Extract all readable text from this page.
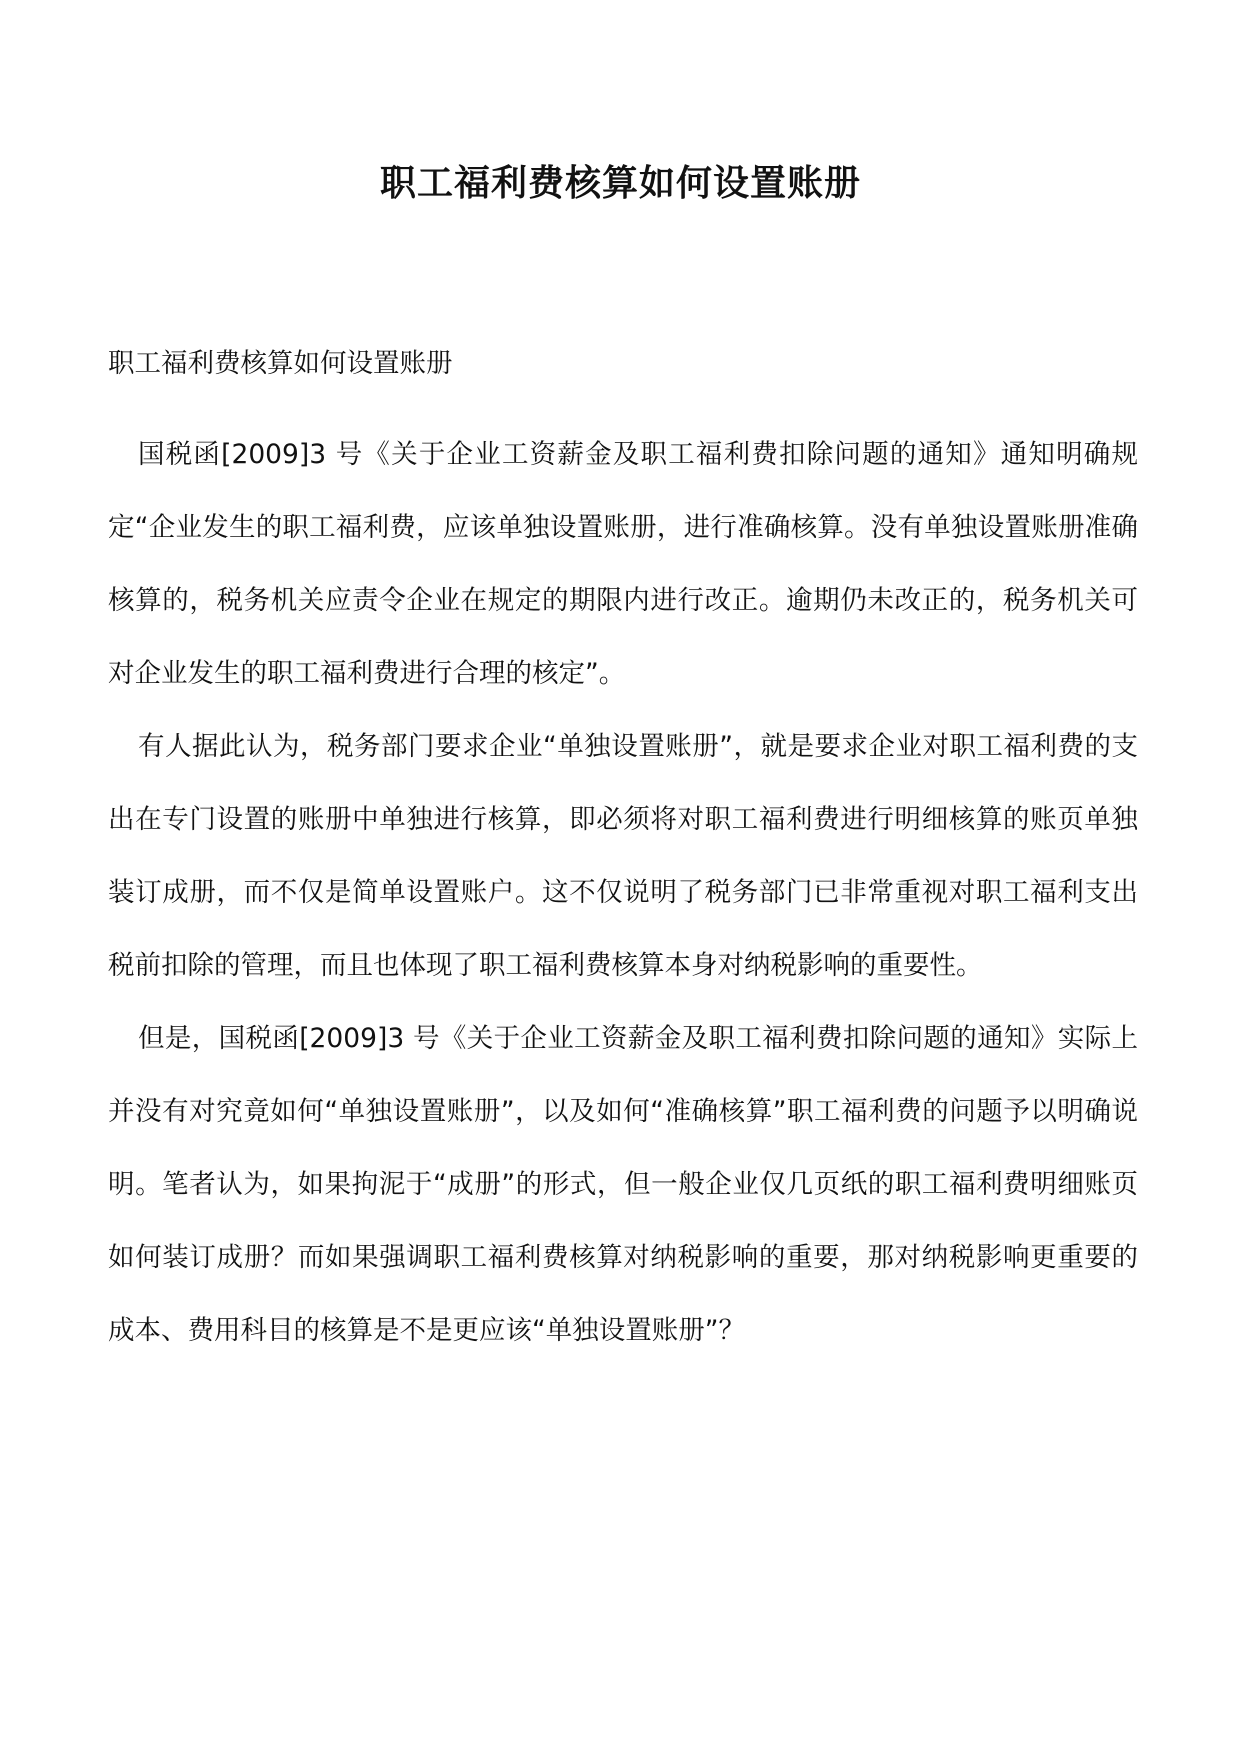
职工福利费核算如何设置账册

职工福利费核算如何设置账册

国税函[2009]3 号《关于企业工资薪金及职工福利费扣除问题的通知》通知明确规定“企业发生的职工福利费，应该单独设置账册，进行准确核算。没有单独设置账册准确核算的，税务机关应责令企业在规定的期限内进行改正。逾期仍未改正的，税务机关可对企业发生的职工福利费进行合理的核定”。

有人据此认为，税务部门要求企业“单独设置账册”，就是要求企业对职工福利费的支出在专门设置的账册中单独进行核算，即必须将对职工福利费进行明细核算的账页单独装订成册，而不仅是简单设置账户。这不仅说明了税务部门已非常重视对职工福利支出税前扣除的管理，而且也体现了职工福利费核算本身对纳税影响的重要性。

但是，国税函[2009]3 号《关于企业工资薪金及职工福利费扣除问题的通知》实际上并没有对究竟如何“单独设置账册”，以及如何“准确核算”职工福利费的问题予以明确说明。笔者认为，如果拘泥于“成册”的形式，但一般企业仅几页纸的职工福利费明细账页如何装订成册？而如果强调职工福利费核算对纳税影响的重要，那对纳税影响更重要的成本、费用科目的核算是不是更应该“单独设置账册”？
